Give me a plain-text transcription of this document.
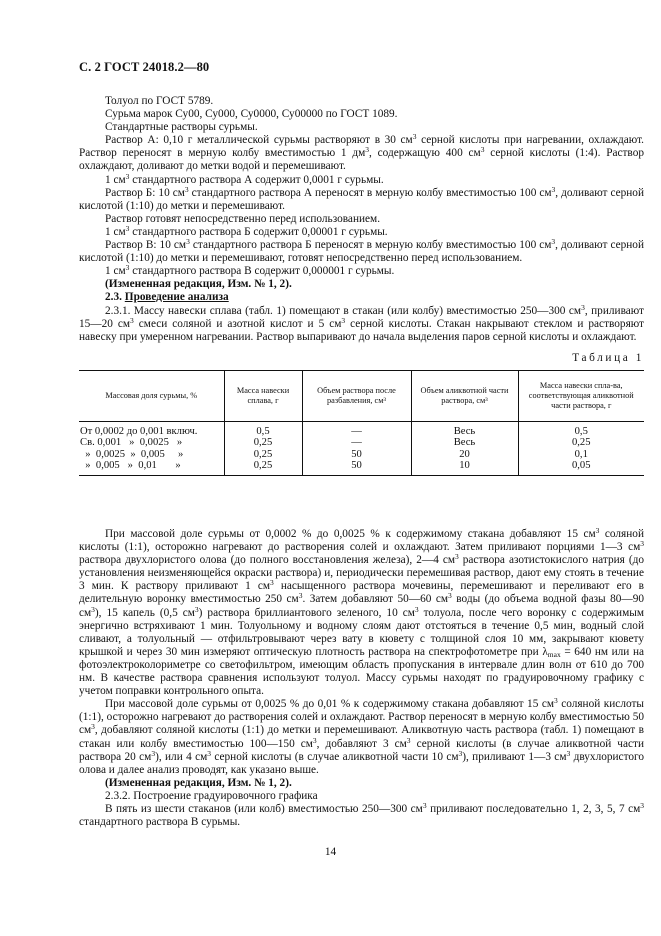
С. 2 ГОСТ 24018.2—80

Толуол по ГОСТ 5789.

Сурьма марок Су00, Су000, Су0000, Су00000 по ГОСТ 1089.

Стандартные растворы сурьмы.

Раствор А: 0,10 г металлической сурьмы растворяют в 30 $см^3$ серной кислоты при нагревании, охлаждают. Раствор переносят в мерную колбу вместимостью 1 $дм^3$, содержащую 400 $см^3$ серной кислоты (1:4). Раствор охлаждают, доливают до метки водой и перемешивают.

1 $см^3$ стандартного раствора А содержит 0,0001 г сурьмы.

Раствор Б: 10 $см^3$ стандартного раствора А переносят в мерную колбу вместимостью 100 $см^3$, доливают серной кислотой (1:10) до метки и перемешивают.

Раствор готовят непосредственно перед использованием.

1 $см^3$ стандартного раствора Б содержит 0,00001 г сурьмы.

Раствор В: 10 $см^3$ стандартного раствора Б переносят в мерную колбу вместимостью 100 $см^3$, доливают серной кислотой (1:10) до метки и перемешивают, готовят непосредственно перед использованием.

1 $см^3$ стандартного раствора В содержит 0,000001 г сурьмы.

(Измененная редакция, Изм. № 1, 2).

2.3. Проведение анализа

2.3.1. Массу навески сплава (табл. 1) помещают в стакан (или колбу) вместимостью 250—300 $см^3$, приливают 15—20 $см^3$ смеси соляной и азотной кислот и 5 $см^3$ серной кислоты. Стакан накрывают стеклом и растворяют навеску при умеренном нагревании. Раствор выпаривают до начала выделения паров серной кислоты и охлаждают.

Таблица 1
Массовая доля сурьмы, %	Масса навески сплава, г	Объем раствора после разбавления, см³	Объем аликвотной части раствора, см³	Масса навески спла-ва, соответствующая аликвотной части раствора, г
От 0,0002 до 0,001 включ.	0,5	—	Весь	0,5
Св. 0,001   »  0,0025   »	0,25	—	Весь	0,25
»  0,0025  »  0,005     »	0,25	50	20	0,1
»  0,005   »  0,01       »	0,25	50	10	0,05

При массовой доле сурьмы от 0,0002 % до 0,0025 % к содержимому стакана добавляют 15 $см^3$ соляной кислоты (1:1), осторожно нагревают до растворения солей и охлаждают. Затем приливают порциями 1—3 $см^3$ раствора двухлористого олова (до полного восстановления железа), 2—4 $см^3$ раствора азотистокислого натрия (до установления неизменяющейся окраски раствора) и, периодически перемешивая раствор, дают ему стоять в течение 3 мин. К раствору приливают 1 $см^3$ насыщенного раствора мочевины, перемешивают и переливают его в делительную воронку вместимостью 250 $см^3$. Затем добавляют 50—60 $см^3$ воды (до объема водной фазы 80—90 $см^3$), 15 капель (0,5 $см^3$) раствора бриллиантового зеленого, 10 $см^3$ толуола, после чего воронку с содержимым энергично встряхивают 1 мин. Толуольному и водному слоям дают отстояться в течение 0,5 мин, водный слой сливают, а толуольный — отфильтровывают через вату в кювету с толщиной слоя 10 мм, закрывают кювету крышкой и через 30 мин измеряют оптическую плотность раствора на спектрофотометре при $\lambda_{max} = 640$ нм или на фотоэлектроколориметре со светофильтром, имеющим область пропускания в интервале длин волн от 610 до 700 нм. В качестве раствора сравнения используют толуол. Массу сурьмы находят по градуировочному графику с учетом поправки контрольного опыта.

При массовой доле сурьмы от 0,0025 % до 0,01 % к содержимому стакана добавляют 15 $см^3$ соляной кислоты (1:1), осторожно нагревают до растворения солей и охлаждают. Раствор переносят в мерную колбу вместимостью 50 $см^3$, добавляют соляной кислоты (1:1) до метки и перемешивают. Аликвотную часть раствора (табл. 1) помещают в стакан или колбу вместимостью 100—150 $см^3$, добавляют 3 $см^3$ серной кислоты (в случае аликвотной части раствора 20 $см^3$), или 4 $см^3$ серной кислоты (в случае аликвотной части 10 $см^3$), приливают 1—3 $см^3$ двухлористого олова и далее анализ проводят, как указано выше.

(Измененная редакция, Изм. № 1, 2).

2.3.2. Построение градуировочного графика

В пять из шести стаканов (или колб) вместимостью 250—300 $см^3$ приливают последовательно 1, 2, 3, 5, 7 $см^3$ стандартного раствора В сурьмы.

14
